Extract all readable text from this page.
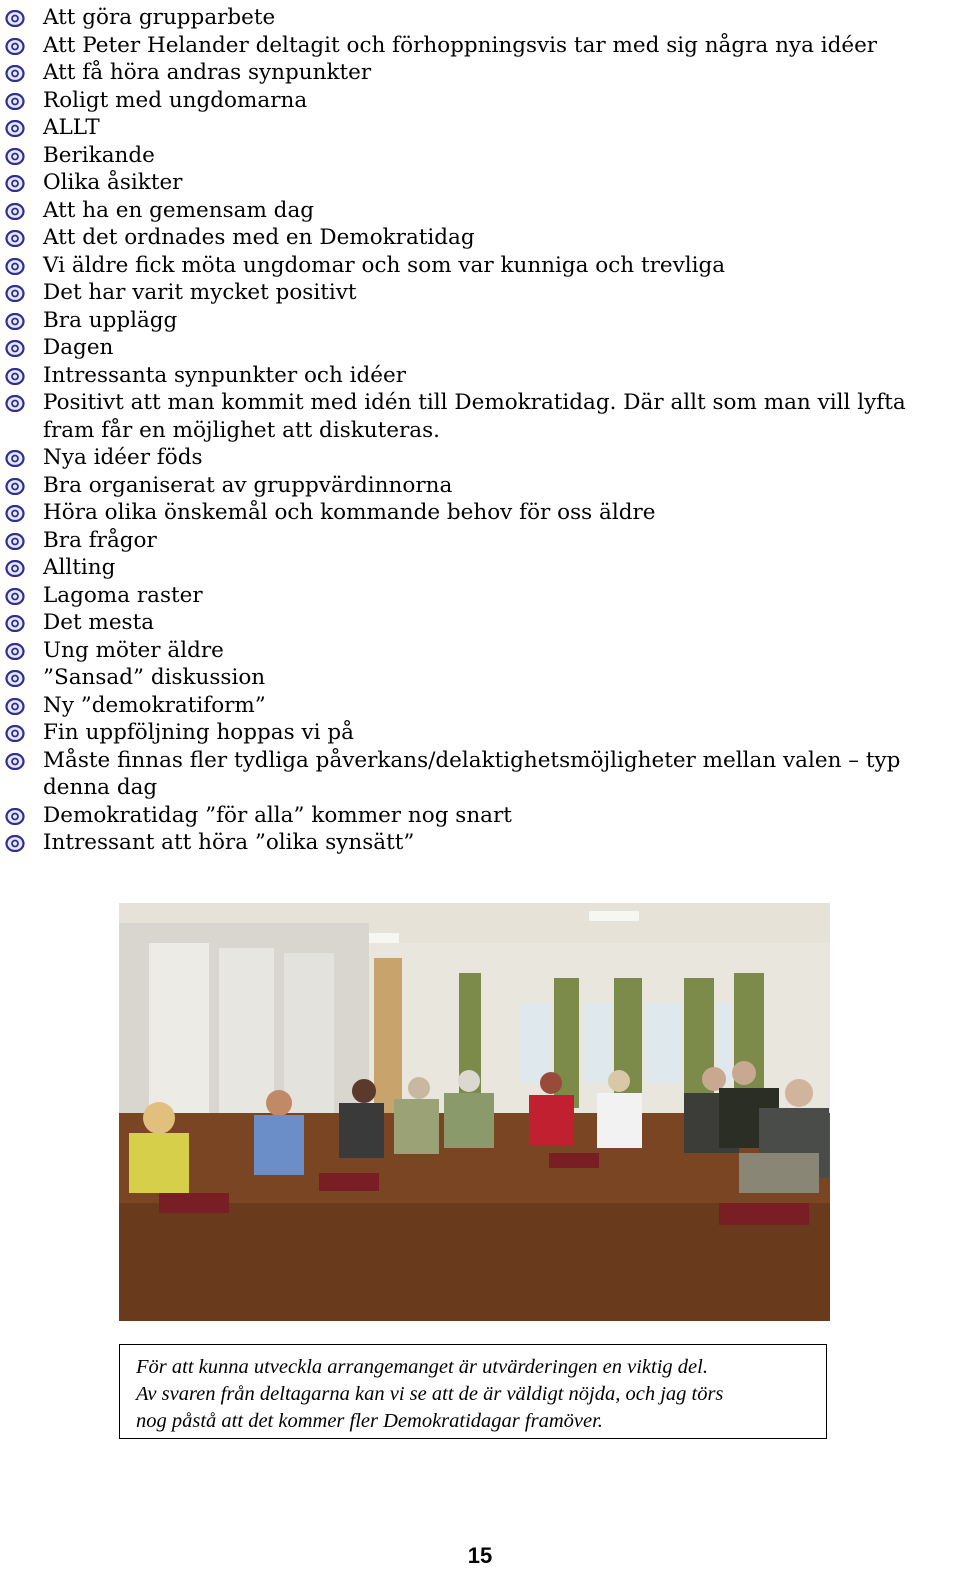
Att göra grupparbete
Att Peter Helander deltagit och förhoppningsvis tar med sig några nya idéer
Att få höra andras synpunkter
Roligt med ungdomarna
ALLT
Berikande
Olika åsikter
Att ha en gemensam dag
Att det ordnades med en Demokratidag
Vi äldre fick möta ungdomar och som var kunniga och trevliga
Det har varit mycket positivt
Bra upplägg
Dagen
Intressanta synpunkter och idéer
Positivt att man kommit med idén till Demokratidag. Där allt som man vill lyfta fram får en möjlighet att diskuteras.
Nya idéer föds
Bra organiserat av gruppvärdinnorna
Höra olika önskemål och kommande behov för oss äldre
Bra frågor
Allting
Lagoma raster
Det mesta
Ung möter äldre
”Sansad” diskussion
Ny ”demokratiform”
Fin uppföljning hoppas vi på
Måste finnas fler tydliga påverkans/delaktighetsmöjligheter mellan valen – typ denna dag
Demokratidag ”för alla” kommer nog snart
Intressant att höra ”olika synsätt”
För att kunna utveckla arrangemanget är utvärderingen en viktig del.
Av svaren från deltagarna kan vi se att de är väldigt nöjda, och jag törs
nog påstå att det kommer fler Demokratidagar framöver.
15
